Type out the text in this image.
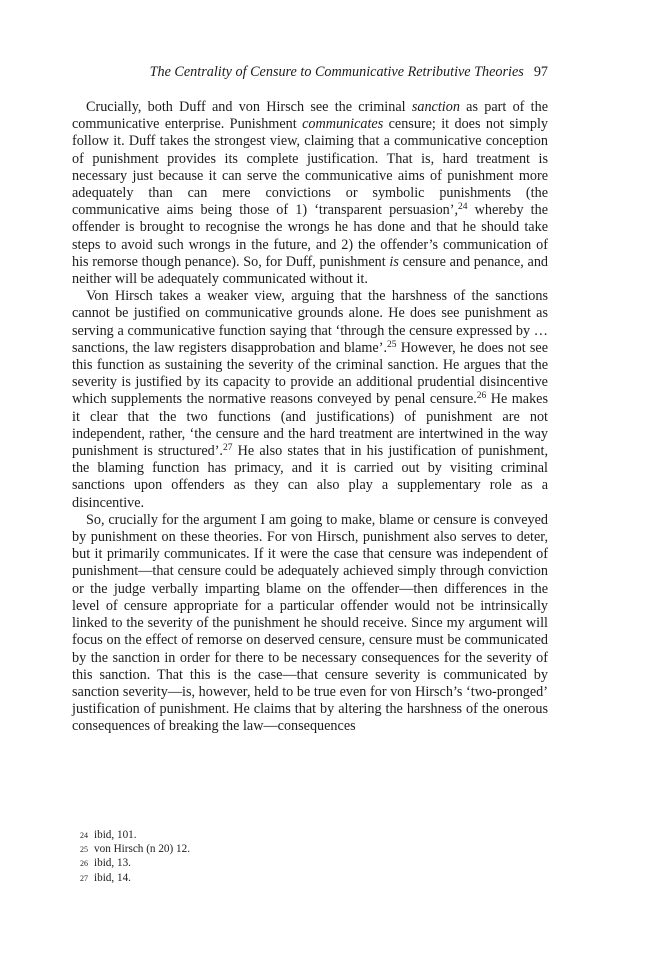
The Centrality of Censure to Communicative Retributive Theories 97

Crucially, both Duff and von Hirsch see the criminal sanction as part of the communicative enterprise. Punishment communicates censure; it does not simply follow it. Duff takes the strongest view, claiming that a communicative conception of punishment provides its complete justification. That is, hard treatment is necessary just because it can serve the communicative aims of punishment more adequately than can mere convictions or symbolic punishments (the communicative aims being those of 1) ‘transparent persuasion’,$^{24}$ whereby the offender is brought to recognise the wrongs he has done and that he should take steps to avoid such wrongs in the future, and 2) the offender’s communication of his remorse though penance). So, for Duff, punishment is censure and penance, and neither will be adequately communicated without it.

Von Hirsch takes a weaker view, arguing that the harshness of the sanctions cannot be justified on communicative grounds alone. He does see punishment as serving a communicative function saying that ‘through the censure expressed by … sanctions, the law registers disapprobation and blame’.$^{25}$ However, he does not see this function as sustaining the severity of the criminal sanction. He argues that the severity is justified by its capacity to provide an additional prudential disincentive which supplements the normative reasons conveyed by penal censure.$^{26}$ He makes it clear that the two functions (and justifications) of punishment are not independent, rather, ‘the censure and the hard treatment are intertwined in the way punishment is structured’.$^{27}$ He also states that in his justification of punishment, the blaming function has primacy, and it is carried out by visiting criminal sanctions upon offenders as they can also play a supplementary role as a disincentive.

So, crucially for the argument I am going to make, blame or censure is conveyed by punishment on these theories. For von Hirsch, punishment also serves to deter, but it primarily communicates. If it were the case that censure was independent of punishment—that censure could be adequately achieved simply through conviction or the judge verbally imparting blame on the offender—then differences in the level of censure appropriate for a particular offender would not be intrinsically linked to the severity of the punishment he should receive. Since my argument will focus on the effect of remorse on deserved censure, censure must be communicated by the sanction in order for there to be necessary consequences for the severity of this sanction. That this is the case—that censure severity is communicated by sanction severity—is, however, held to be true even for von Hirsch’s ‘two-pronged’ justification of punishment. He claims that by altering the harshness of the onerous consequences of breaking the law—consequences

24 ibid, 101.
25 von Hirsch (n 20) 12.
26 ibid, 13.
27 ibid, 14.
